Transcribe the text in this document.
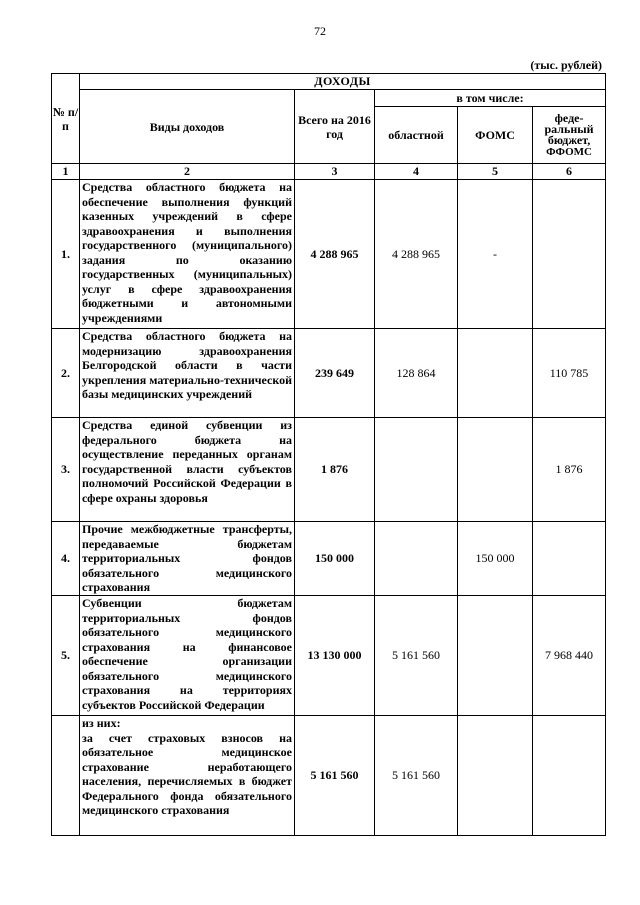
72
(тыс. рублей)
№ п/п	ДОХОДЫ				
	Виды доходов	Всего на 2016 год	в том числе:		
			областной	ФОМС	феде-
ральный
бюджет,
ФФОМС
1	2	3	4	5	6
1.	Средства областного бюджета на обеспечение выполнения функций казенных учреждений в сфере здравоохранения и выполнения государственного (муниципального) задания по оказанию государственных (муниципальных) услуг в сфере здравоохранения бюджетными и автономными учреждениями	4 288 965	4 288 965	-	
2.	Средства областного бюджета на модернизацию здравоохранения Белгородской области в части укрепления материально-технической базы медицинских учреждений	239 649	128 864		110 785
3.	Средства единой субвенции из федерального бюджета на осуществление переданных органам государственной власти субъектов полномочий Российской Федерации в сфере охраны здоровья	1 876			1 876
4.	Прочие межбюджетные трансферты, передаваемые бюджетам территориальных фондов обязательного медицинского страхования	150 000		150 000	
5.	Субвенции бюджетам территориальных фондов обязательного медицинского страхования на финансовое обеспечение организации обязательного медицинского страхования на территориях субъектов Российской Федерации	13 130 000	5 161 560		7 968 440
	из них:
за счет страховых взносов на обязательное медицинское страхование неработающего населения, перечисляемых в бюджет Федерального фонда обязательного медицинского страхования	5 161 560	5 161 560		
